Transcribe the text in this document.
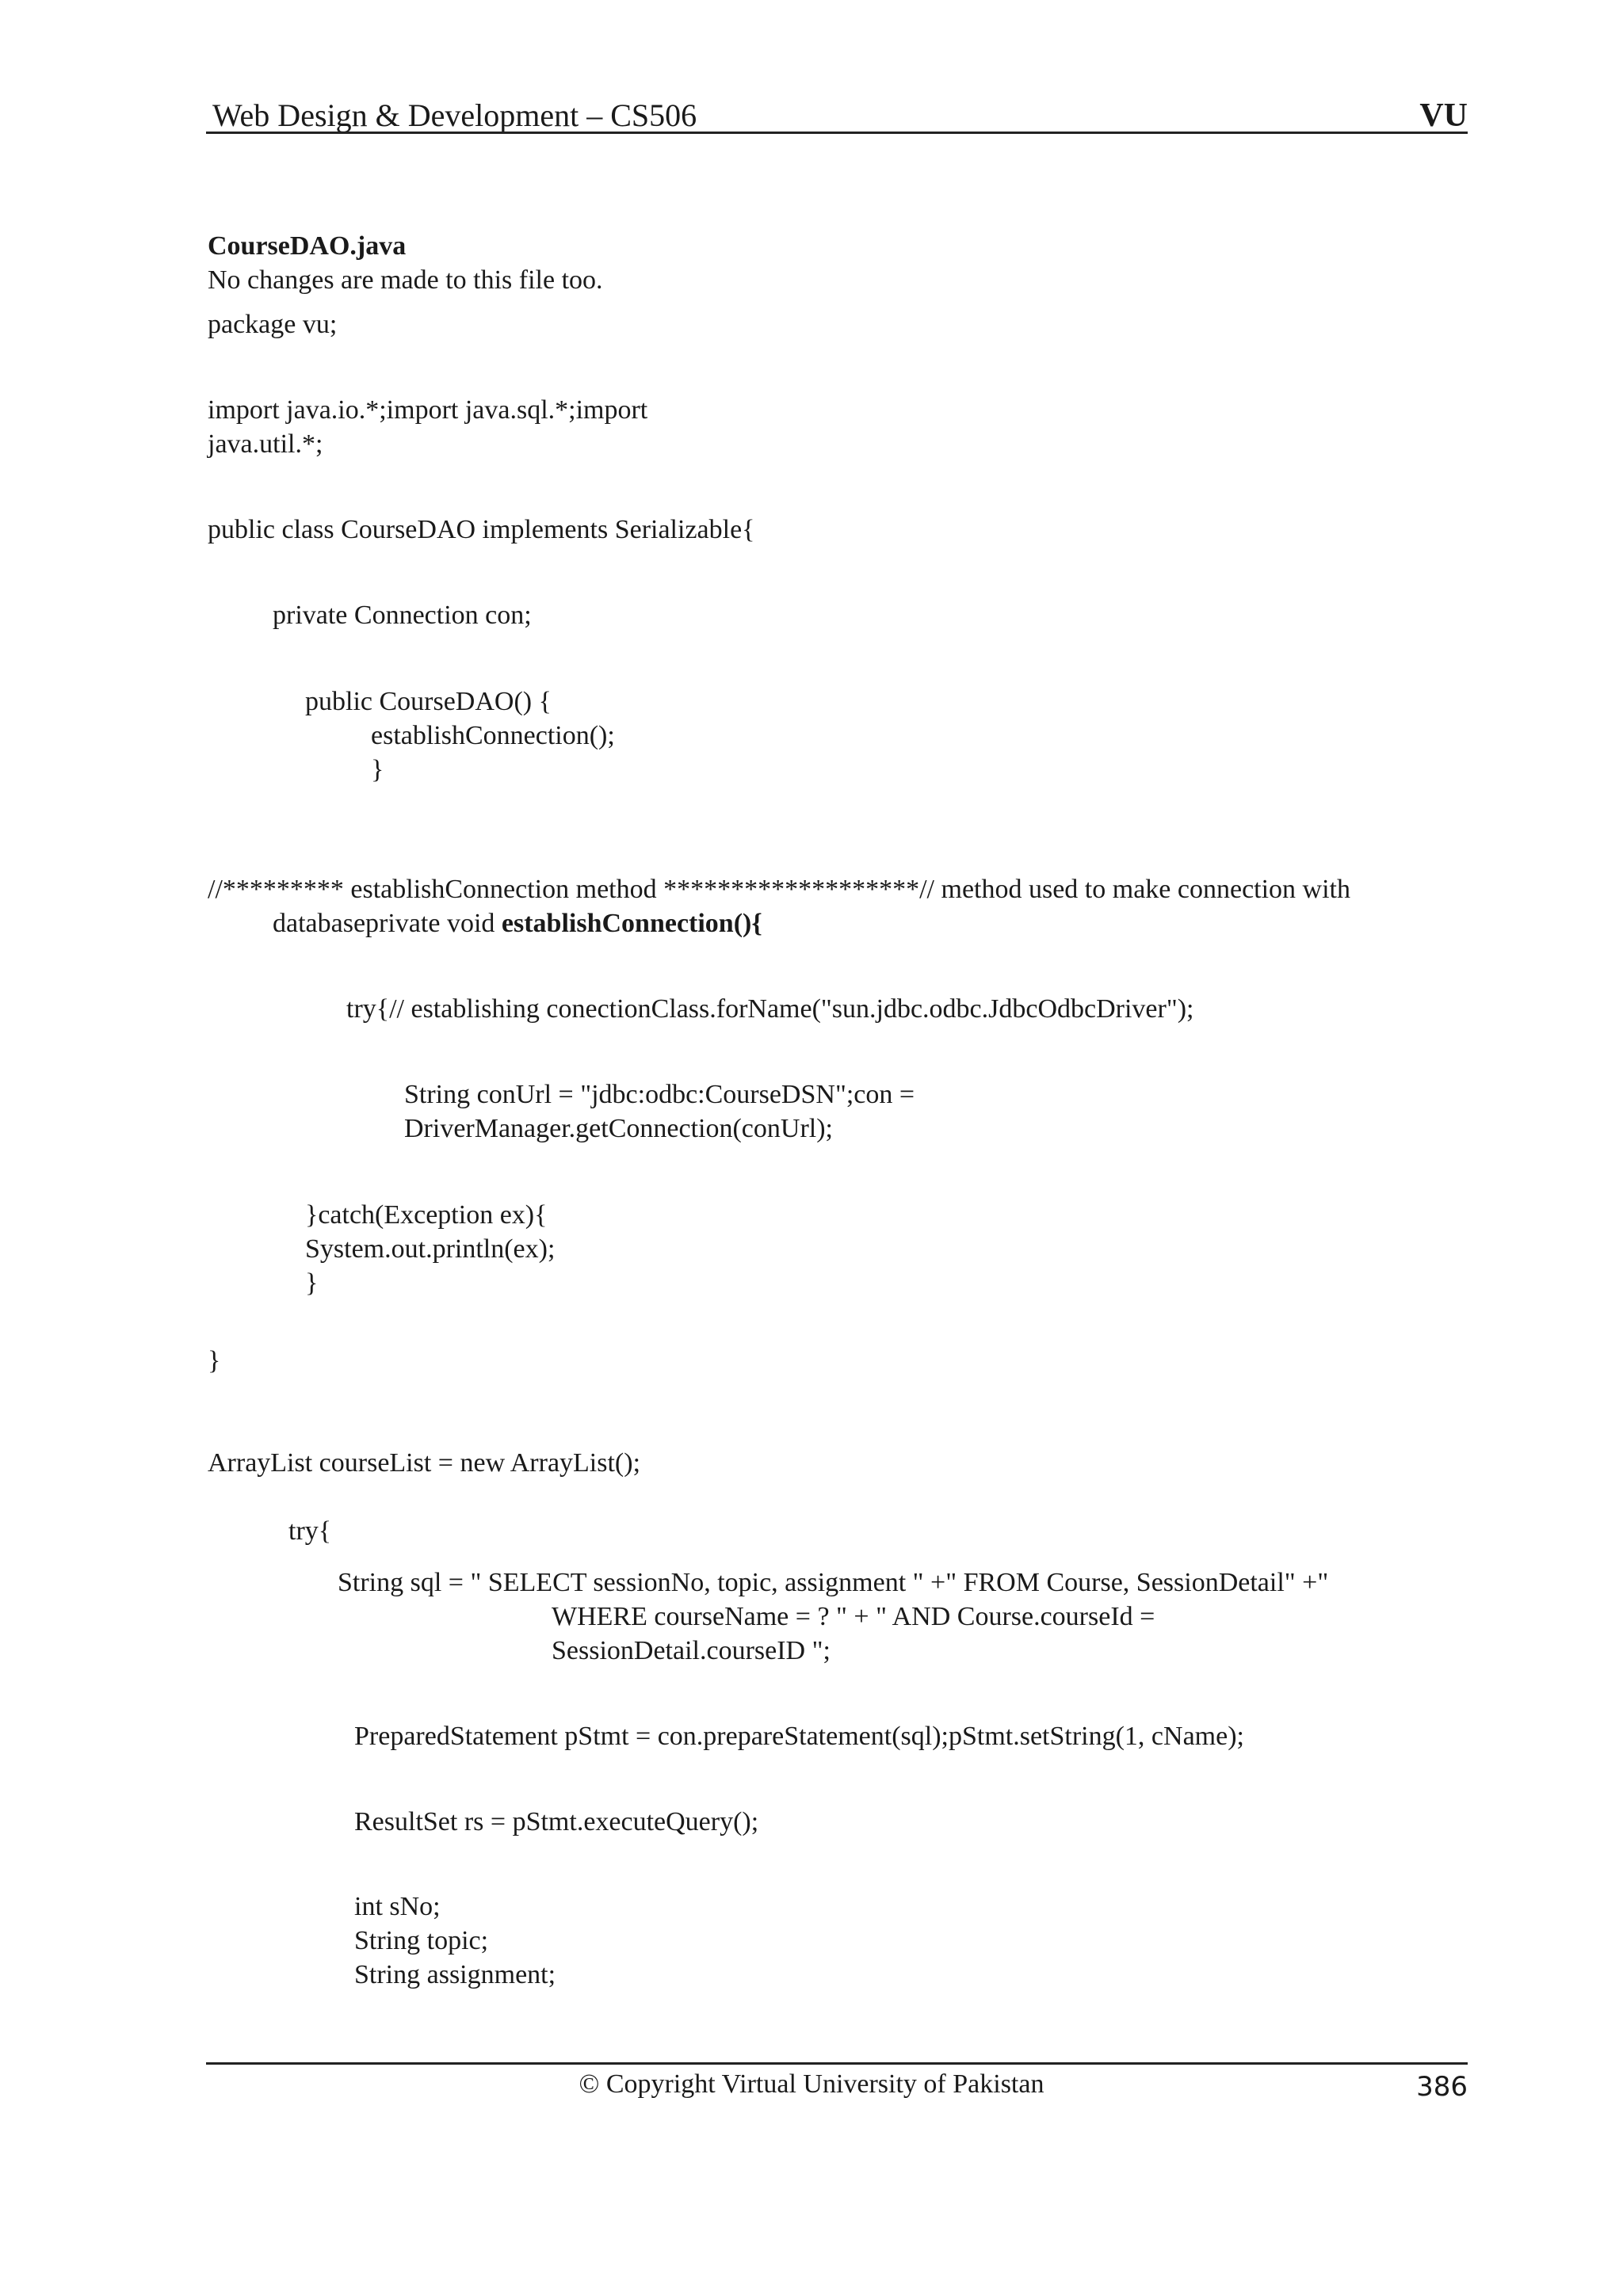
Web Design & Development – CS506	VU
CourseDAO.java
No changes are made to this file too.
package vu;
import java.io.*;import java.sql.*;import
java.util.*;
public class CourseDAO implements Serializable{
private Connection con;
public CourseDAO() {
establishConnection();
}
//********* establishConnection method *******************// method used to make connection with
databaseprivate void establishConnection(){
try{// establishing conectionClass.forName("sun.jdbc.odbc.JdbcOdbcDriver");
String conUrl = "jdbc:odbc:CourseDSN";con =
DriverManager.getConnection(conUrl);
}catch(Exception ex){
System.out.println(ex);
}
}
ArrayList courseList = new ArrayList();
try{
String sql = " SELECT sessionNo, topic, assignment " +" FROM Course, SessionDetail" +"
WHERE courseName = ? " + " AND Course.courseId =
SessionDetail.courseID ";
PreparedStatement pStmt = con.prepareStatement(sql);pStmt.setString(1, cName);
ResultSet rs = pStmt.executeQuery();
int sNo;
String topic;
String assignment;
© Copyright Virtual University of Pakistan	386
